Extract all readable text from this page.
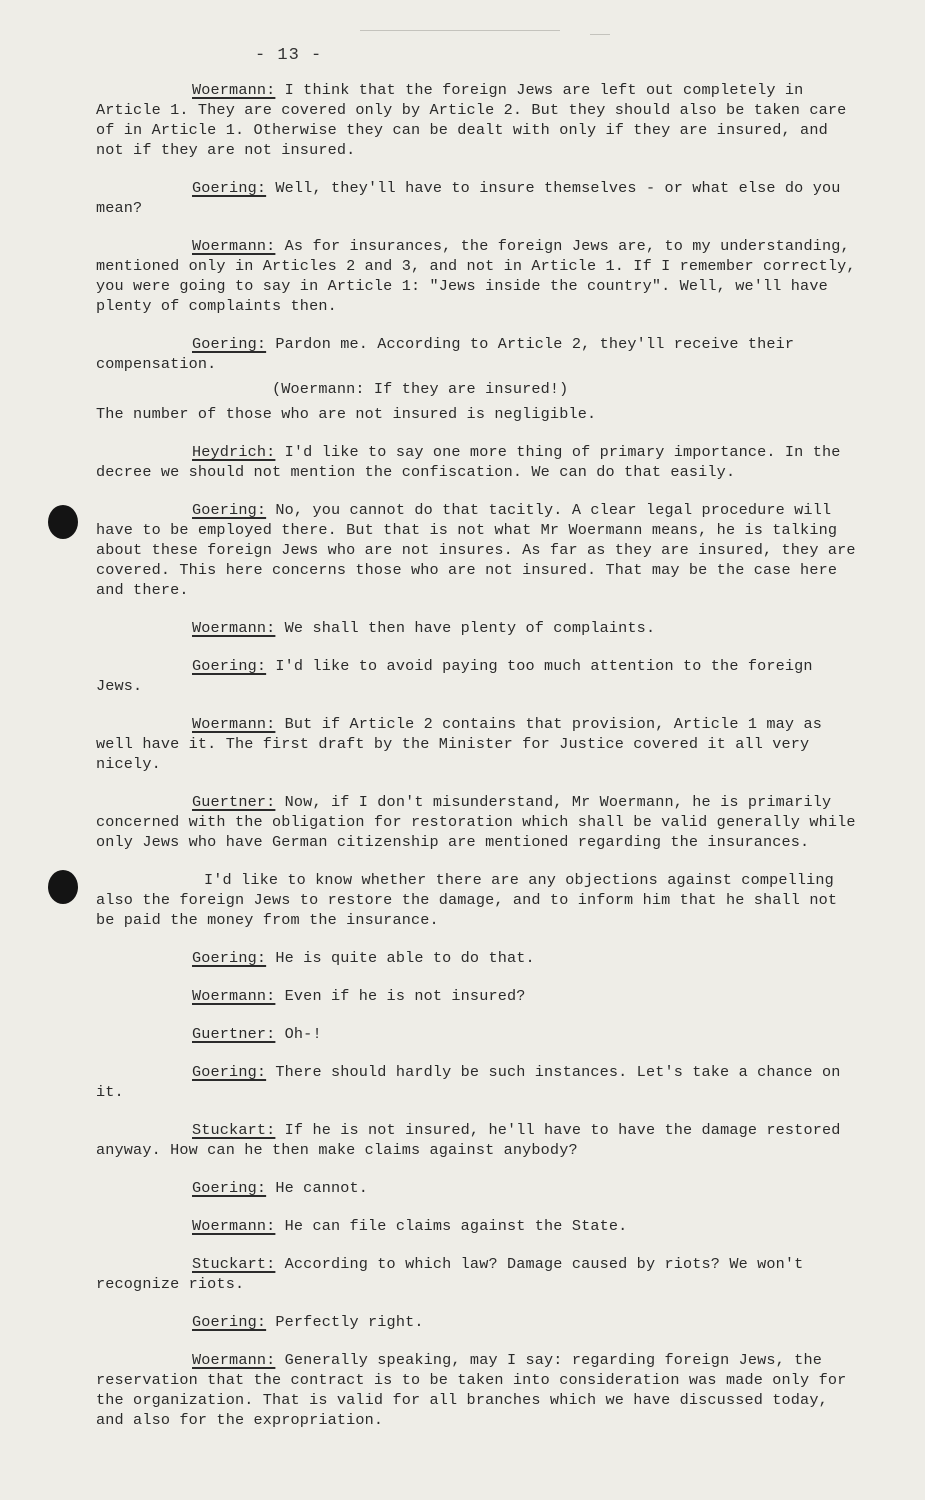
- 13 -

Woermann: I think that the foreign Jews are left out completely in Article 1. They are covered only by Article 2. But they should also be taken care of in Article 1. Otherwise they can be dealt with only if they are insured, and not if they are not insured.

Goering: Well, they'll have to insure themselves - or what else do you mean?

Woermann: As for insurances, the foreign Jews are, to my understanding, mentioned only in Articles 2 and 3, and not in Article 1. If I remember correctly, you were going to say in Article 1: "Jews inside the country". Well, we'll have plenty of complaints then.

Goering: Pardon me. According to Article 2, they'll receive their compensation.

(Woermann: If they are insured!)

The number of those who are not insured is negligible.

Heydrich: I'd like to say one more thing of primary importance. In the decree we should not mention the confiscation. We can do that easily.

Goering: No, you cannot do that tacitly. A clear legal procedure will have to be employed there. But that is not what Mr Woermann means, he is talking about these foreign Jews who are not insures. As far as they are insured, they are covered. This here concerns those who are not insured. That may be the case here and there.

Woermann: We shall then have plenty of complaints.

Goering: I'd like to avoid paying too much attention to the foreign Jews.

Woermann: But if Article 2 contains that provision, Article 1 may as well have it. The first draft by the Minister for Justice covered it all very nicely.

Guertner: Now, if I don't misunderstand, Mr Woermann, he is primarily concerned with the obligation for restoration which shall be valid generally while only Jews who have German citizenship are mentioned regarding the insurances.

I'd like to know whether there are any objections against compelling also the foreign Jews to restore the damage, and to inform him that he shall not be paid the money from the insurance.

Goering: He is quite able to do that.

Woermann: Even if he is not insured?

Guertner: Oh-!

Goering: There should hardly be such instances. Let's take a chance on it.

Stuckart: If he is not insured, he'll have to have the damage restored anyway. How can he then make claims against anybody?

Goering: He cannot.

Woermann: He can file claims against the State.

Stuckart: According to which law? Damage caused by riots? We won't recognize riots.

Goering: Perfectly right.

Woermann: Generally speaking, may I say: regarding foreign Jews, the reservation that the contract is to be taken into consideration was made only for the organization. That is valid for all branches which we have discussed today, and also for the expropriation.
